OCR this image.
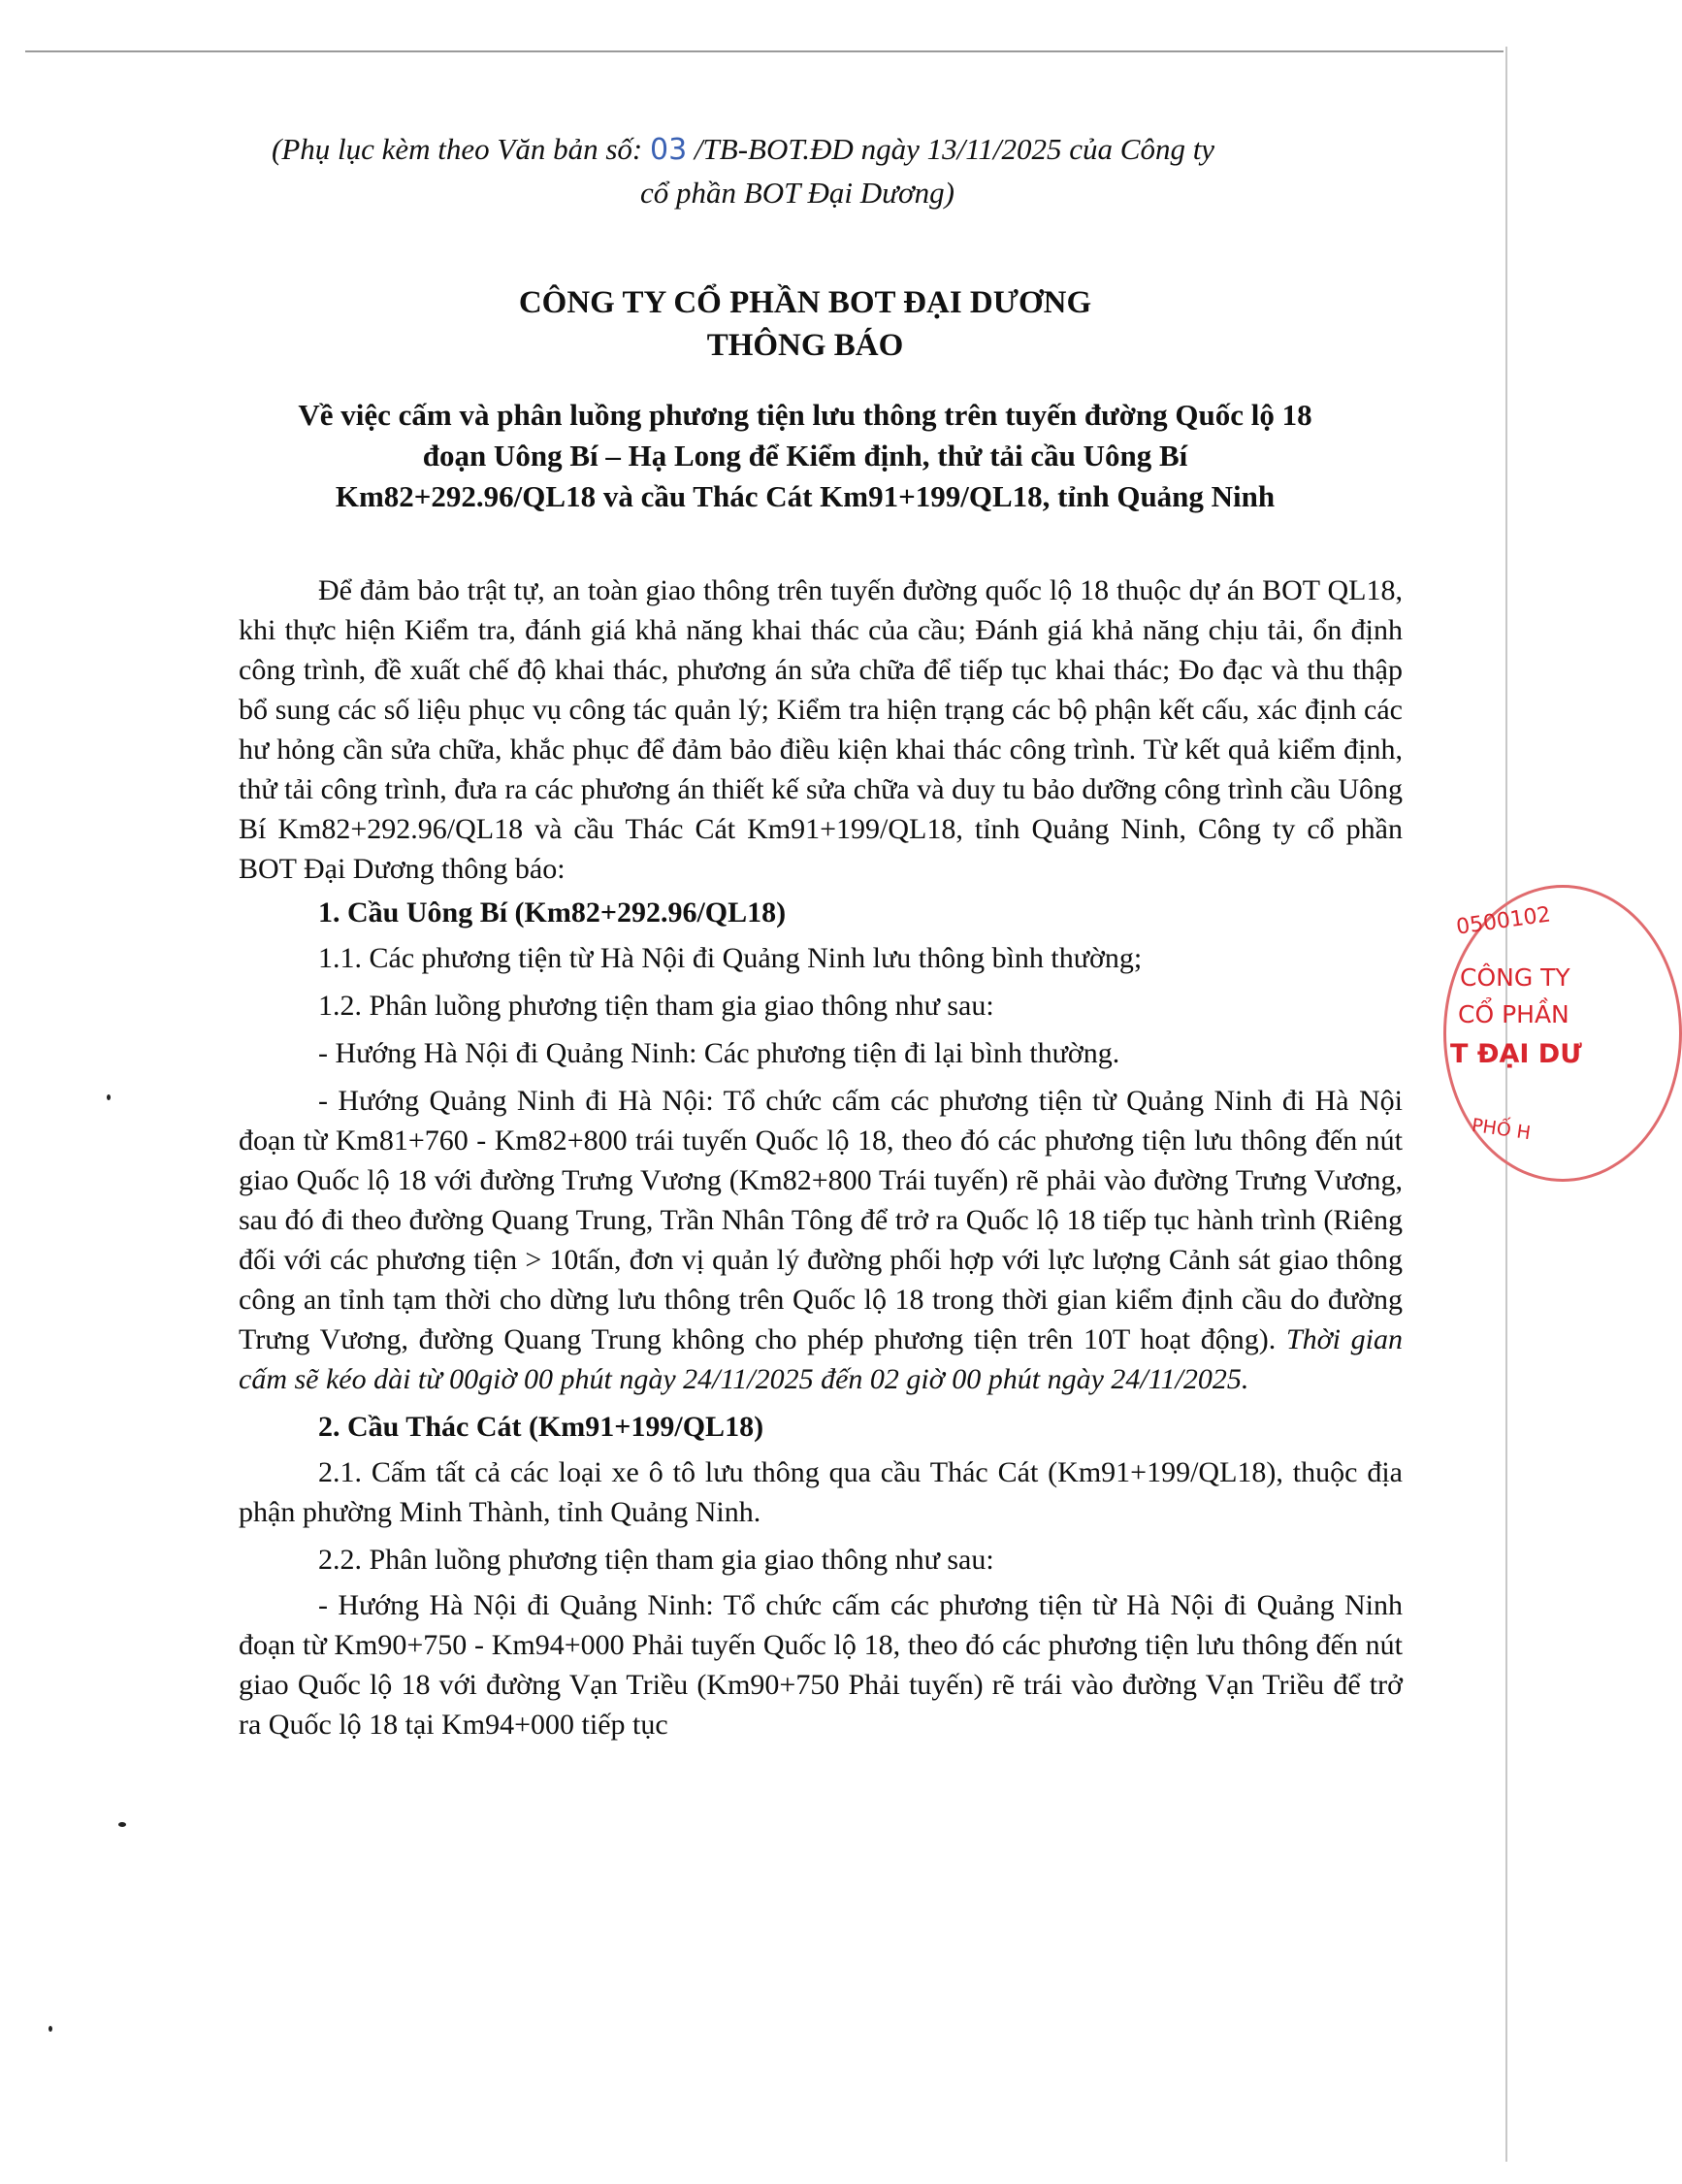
(Phụ lục kèm theo Văn bản số: 03 /TB-BOT.ĐD ngày 13/11/2025 của Công ty
cổ phần BOT Đại Dương)
CÔNG TY CỔ PHẦN BOT ĐẠI DƯƠNG
THÔNG BÁO
Về việc cấm và phân luồng phương tiện lưu thông trên tuyến đường Quốc lộ 18
đoạn Uông Bí – Hạ Long để Kiểm định, thử tải cầu Uông Bí
Km82+292.96/QL18 và cầu Thác Cát Km91+199/QL18, tỉnh Quảng Ninh

Để đảm bảo trật tự, an toàn giao thông trên tuyến đường quốc lộ 18 thuộc dự án BOT QL18, khi thực hiện Kiểm tra, đánh giá khả năng khai thác của cầu; Đánh giá khả năng chịu tải, ổn định công trình, đề xuất chế độ khai thác, phương án sửa chữa để tiếp tục khai thác; Đo đạc và thu thập bổ sung các số liệu phục vụ công tác quản lý; Kiểm tra hiện trạng các bộ phận kết cấu, xác định các hư hỏng cần sửa chữa, khắc phục để đảm bảo điều kiện khai thác công trình. Từ kết quả kiểm định, thử tải công trình, đưa ra các phương án thiết kế sửa chữa và duy tu bảo dưỡng công trình cầu Uông Bí Km82+292.96/QL18 và cầu Thác Cát Km91+199/QL18, tỉnh Quảng Ninh, Công ty cổ phần BOT Đại Dương thông báo:

1. Cầu Uông Bí (Km82+292.96/QL18)

1.1. Các phương tiện từ Hà Nội đi Quảng Ninh lưu thông bình thường;

1.2. Phân luồng phương tiện tham gia giao thông như sau:

- Hướng Hà Nội đi Quảng Ninh: Các phương tiện đi lại bình thường.

- Hướng Quảng Ninh đi Hà Nội: Tổ chức cấm các phương tiện từ Quảng Ninh đi Hà Nội đoạn từ Km81+760 - Km82+800 trái tuyến Quốc lộ 18, theo đó các phương tiện lưu thông đến nút giao Quốc lộ 18 với đường Trưng Vương (Km82+800 Trái tuyến) rẽ phải vào đường Trưng Vương, sau đó đi theo đường Quang Trung, Trần Nhân Tông để trở ra Quốc lộ 18 tiếp tục hành trình (Riêng đối với các phương tiện > 10tấn, đơn vị quản lý đường phối hợp với lực lượng Cảnh sát giao thông công an tỉnh tạm thời cho dừng lưu thông trên Quốc lộ 18 trong thời gian kiểm định cầu do đường Trưng Vương, đường Quang Trung không cho phép phương tiện trên 10T hoạt động). Thời gian cấm sẽ kéo dài từ 00giờ 00 phút ngày 24/11/2025 đến 02 giờ 00 phút ngày 24/11/2025.

2. Cầu Thác Cát (Km91+199/QL18)

2.1. Cấm tất cả các loại xe ô tô lưu thông qua cầu Thác Cát (Km91+199/QL18), thuộc địa phận phường Minh Thành, tỉnh Quảng Ninh.

2.2. Phân luồng phương tiện tham gia giao thông như sau:

- Hướng Hà Nội đi Quảng Ninh: Tổ chức cấm các phương tiện từ Hà Nội đi Quảng Ninh đoạn từ Km90+750 - Km94+000 Phải tuyến Quốc lộ 18, theo đó các phương tiện lưu thông đến nút giao Quốc lộ 18 với đường Vạn Triều (Km90+750 Phải tuyến) rẽ trái vào đường Vạn Triều để trở ra Quốc lộ 18 tại Km94+000 tiếp tục

0500102
CÔNG TY
CỔ PHẦN
T ĐẠI DƯ
PHỐ H
